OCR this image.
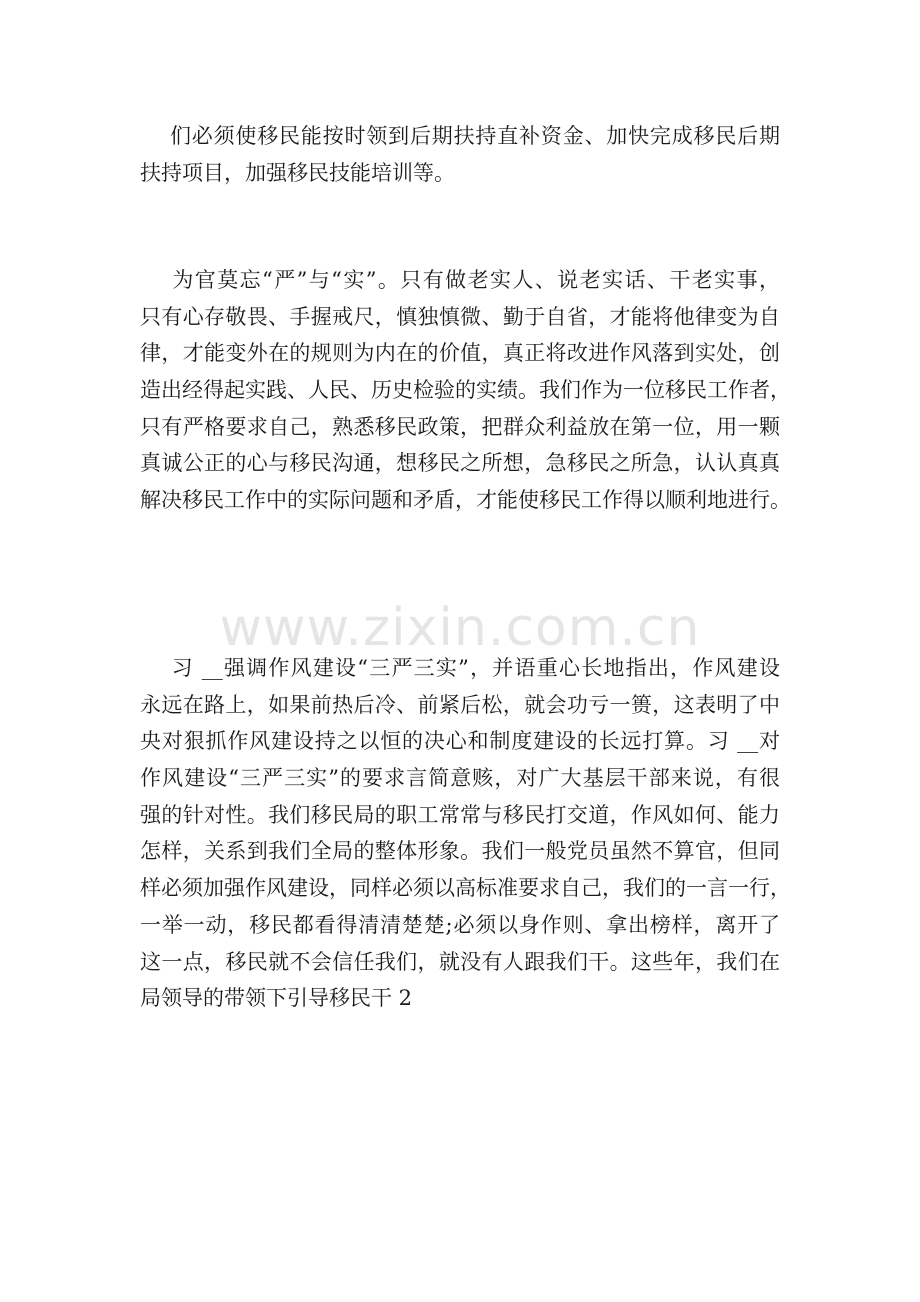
们必须使移民能按时领到后期扶持直补资金、加快完成移民后期
扶持项目，加强移民技能培训等。
为官莫忘“严”与“实”。只有做老实人、说老实话、干老实事，
只有心存敬畏、手握戒尺，慎独慎微、勤于自省，才能将他律变为自
律，才能变外在的规则为内在的价值，真正将改进作风落到实处，创
造出经得起实践、人民、历史检验的实绩。我们作为一位移民工作者，
只有严格要求自己，熟悉移民政策，把群众利益放在第一位，用一颗
真诚公正的心与移民沟通，想移民之所想，急移民之所急，认认真真
解决移民工作中的实际问题和矛盾，才能使移民工作得以顺利地进行。
www.zixin.com.cn
习 __强调作风建设“三严三实”，并语重心长地指出，作风建设
永远在路上，如果前热后冷、前紧后松，就会功亏一篑，这表明了中
央对狠抓作风建设持之以恒的决心和制度建设的长远打算。习 __对
作风建设“三严三实”的要求言简意赅，对广大基层干部来说，有很
强的针对性。我们移民局的职工常常与移民打交道，作风如何、能力
怎样，关系到我们全局的整体形象。我们一般党员虽然不算官，但同
样必须加强作风建设，同样必须以高标准要求自己，我们的一言一行，
一举一动，移民都看得清清楚楚;必须以身作则、拿出榜样，离开了
这一点，移民就不会信任我们，就没有人跟我们干。这些年，我们在
局领导的带领下引导移民干 2
